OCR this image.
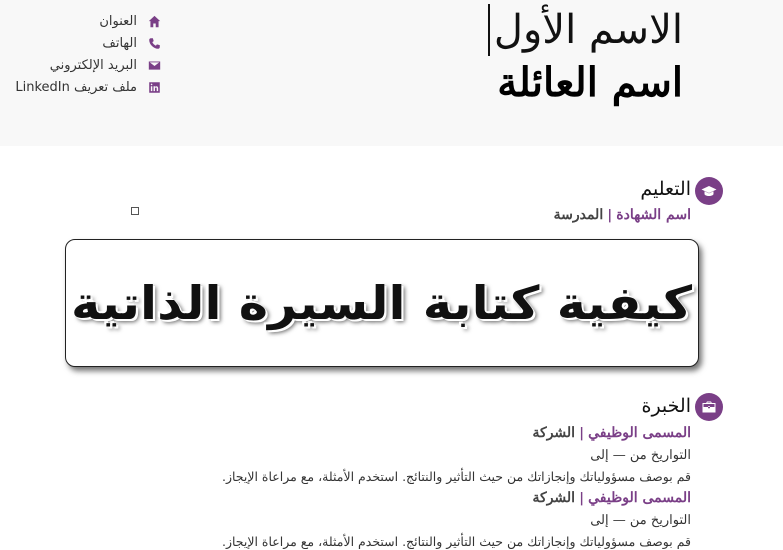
الاسم الأول
اسم العائلة
العنوان
الهاتف
البريد الإلكتروني
ملف تعريف LinkedIn
التعليم
اسم الشهادة | المدرسة
الخبرة
المسمى الوظيفي | الشركة
التواريخ من — إلى
قم بوصف مسؤولياتك وإنجازاتك من حيث التأثير والنتائج. استخدم الأمثلة، مع مراعاة الإيجاز.
المسمى الوظيفي | الشركة
التواريخ من — إلى
قم بوصف مسؤولياتك وإنجازاتك من حيث التأثير والنتائج. استخدم الأمثلة، مع مراعاة الإيجاز.
كيفية كتابة السيرة الذاتية
